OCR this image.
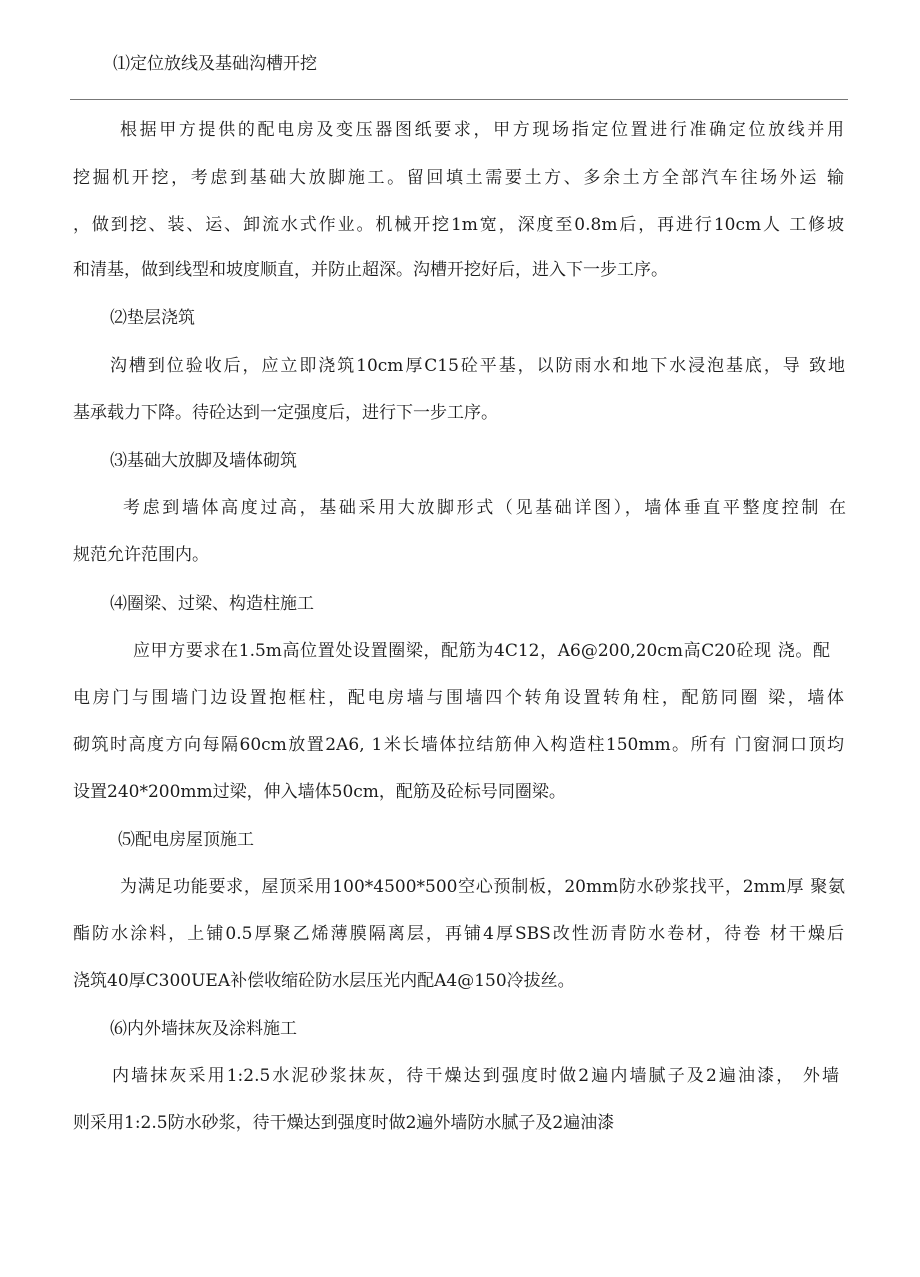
⑴定位放线及基础沟槽开挖
根据甲方提供的配电房及变压器图纸要求，甲方现场指定位置进行准确定位放线并用
挖掘机开挖，考虑到基础大放脚施工。留回填土需要土方、多余土方全部汽车往场外运 输
，做到挖、装、运、卸流水式作业。机械开挖1m宽，深度至0.8m后，再进行10cm人 工修坡
和清基，做到线型和坡度顺直，并防止超深。沟槽开挖好后，进入下一步工序。
⑵垫层浇筑
沟槽到位验收后，应立即浇筑10cm厚C15砼平基，以防雨水和地下水浸泡基底，导 致地
基承载力下降。待砼达到一定强度后，进行下一步工序。
⑶基础大放脚及墙体砌筑
考虑到墙体高度过高，基础采用大放脚形式（见基础详图），墙体垂直平整度控制 在
规范允许范围内。
⑷圈梁、过梁、构造柱施工
应甲方要求在1.5m高位置处设置圈梁，配筋为4C12，A6@200,20cm高C20砼现 浇。配
电房门与围墙门边设置抱框柱，配电房墙与围墙四个转角设置转角柱，配筋同圈 梁，墙体
砌筑时高度方向每隔60cm放置2A6, 1米长墙体拉结筋伸入构造柱150mm。所有 门窗洞口顶均
设置240*200mm过梁，伸入墙体50cm，配筋及砼标号同圈梁。
⑸配电房屋顶施工
为满足功能要求，屋顶采用100*4500*500空心预制板，20mm防水砂浆找平，2mm厚 聚氨
酯防水涂料，上铺0.5厚聚乙烯薄膜隔离层，再铺4厚SBS改性沥青防水卷材，待卷 材干燥后
浇筑40厚C300UEA补偿收缩砼防水层压光内配A4@150冷拔丝。
⑹内外墙抹灰及涂料施工
内墙抹灰采用1:2.5水泥砂浆抹灰，待干燥达到强度时做2遍内墙腻子及2遍油漆， 外墙
则采用1:2.5防水砂浆，待干燥达到强度时做2遍外墙防水腻子及2遍油漆
